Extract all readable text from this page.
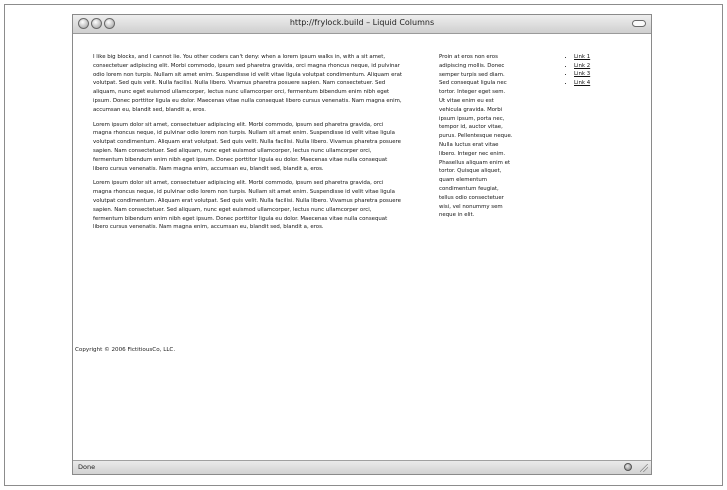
http://frylock.build – Liquid Columns

I like big blocks, and I cannot lie. You other coders can't deny: when a lorem ipsum walks in, with a sit amet, consectetuer adipiscing elit. Morbi commodo, ipsum sed pharetra gravida, orci magna rhoncus neque, id pulvinar odio lorem non turpis. Nullam sit amet enim. Suspendisse id velit vitae ligula volutpat condimentum. Aliquam erat volutpat. Sed quis velit. Nulla facilisi. Nulla libero. Vivamus pharetra posuere sapien. Nam consectetuer. Sed aliquam, nunc eget euismod ullamcorper, lectus nunc ullamcorper orci, fermentum bibendum enim nibh eget ipsum. Donec porttitor ligula eu dolor. Maecenas vitae nulla consequat libero cursus venenatis. Nam magna enim, accumsan eu, blandit sed, blandit a, eros.

Lorem ipsum dolor sit amet, consectetuer adipiscing elit. Morbi commodo, ipsum sed pharetra gravida, orci magna rhoncus neque, id pulvinar odio lorem non turpis. Nullam sit amet enim. Suspendisse id velit vitae ligula volutpat condimentum. Aliquam erat volutpat. Sed quis velit. Nulla facilisi. Nulla libero. Vivamus pharetra posuere sapien. Nam consectetuer. Sed aliquam, nunc eget euismod ullamcorper, lectus nunc ullamcorper orci, fermentum bibendum enim nibh eget ipsum. Donec porttitor ligula eu dolor. Maecenas vitae nulla consequat libero cursus venenatis. Nam magna enim, accumsan eu, blandit sed, blandit a, eros.

Lorem ipsum dolor sit amet, consectetuer adipiscing elit. Morbi commodo, ipsum sed pharetra gravida, orci magna rhoncus neque, id pulvinar odio lorem non turpis. Nullam sit amet enim. Suspendisse id velit vitae ligula volutpat condimentum. Aliquam erat volutpat. Sed quis velit. Nulla facilisi. Nulla libero. Vivamus pharetra posuere sapien. Nam consectetuer. Sed aliquam, nunc eget euismod ullamcorper, lectus nunc ullamcorper orci, fermentum bibendum enim nibh eget ipsum. Donec porttitor ligula eu dolor. Maecenas vitae nulla consequat libero cursus venenatis. Nam magna enim, accumsan eu, blandit sed, blandit a, eros.

Proin at eros non eros adipiscing mollis. Donec semper turpis sed diam. Sed consequat ligula nec tortor. Integer eget sem. Ut vitae enim eu est vehicula gravida. Morbi ipsum ipsum, porta nec, tempor id, auctor vitae, purus. Pellentesque neque. Nulla luctus erat vitae libero. Integer nec enim. Phasellus aliquam enim et tortor. Quisque aliquet, quam elementum condimentum feugiat, tellus odio consectetuer wisi, vel nonummy sem neque in elit.

• Link 1
• Link 2
• Link 3
• Link 4
Copyright © 2006 FictitiousCo, LLC.
Done
